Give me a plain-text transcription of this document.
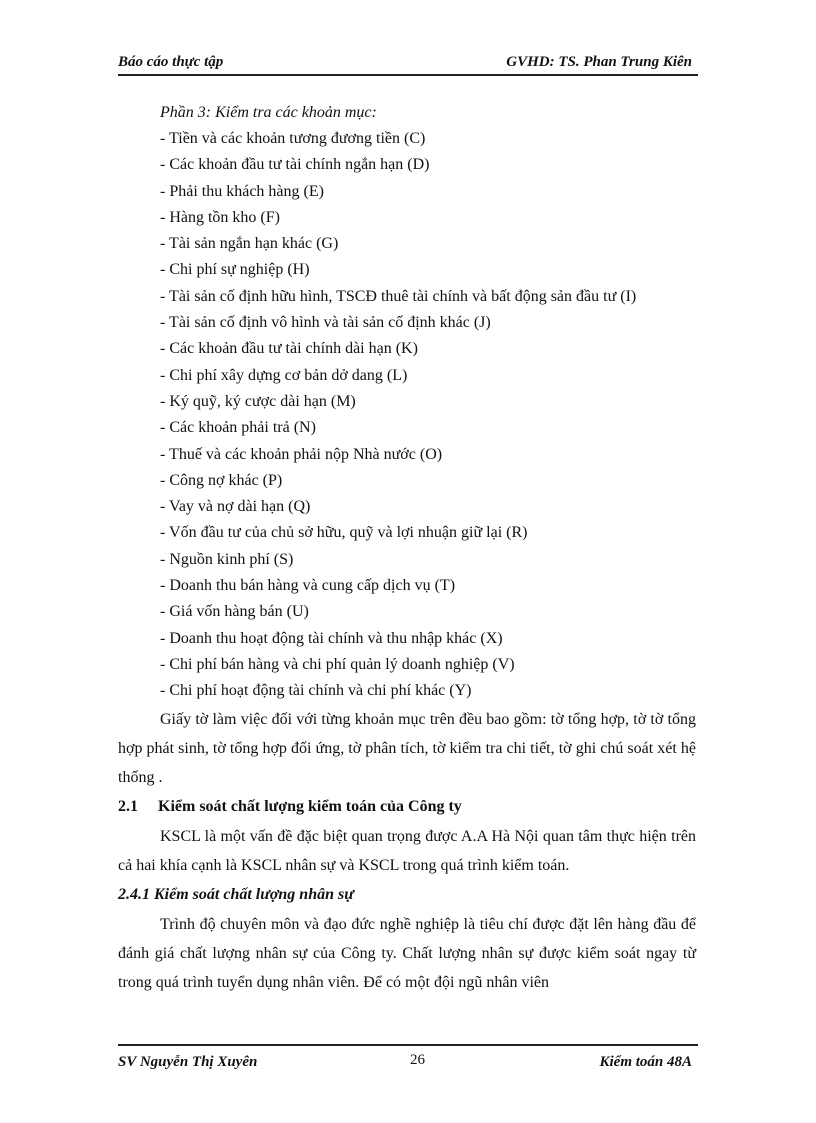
Báo cáo thực tập	GVHD: TS. Phan Trung Kiên
Phần 3: Kiểm tra các khoản mục:
- Tiền và các khoản tương đương tiền (C)
- Các khoản đầu tư tài chính ngắn hạn (D)
- Phải thu khách hàng (E)
- Hàng tồn kho (F)
- Tài sản ngắn hạn khác (G)
- Chi phí sự nghiệp (H)
- Tài sản cố định hữu hình, TSCĐ thuê tài chính và bất động sản đầu tư (I)
- Tài sản cố định vô hình và tài sản cố định khác (J)
- Các khoản đầu tư tài chính dài hạn (K)
- Chi phí xây dựng cơ bản dở dang (L)
- Ký quỹ, ký cược dài hạn (M)
- Các khoản phải trả (N)
- Thuế và các khoản phải nộp Nhà nước (O)
- Công nợ khác (P)
- Vay và nợ dài hạn (Q)
- Vốn đầu tư của chủ sở hữu, quỹ và lợi nhuận giữ lại (R)
- Nguồn kinh phí (S)
- Doanh thu bán hàng và cung cấp dịch vụ (T)
- Giá vốn hàng bán (U)
- Doanh thu hoạt động tài chính và thu nhập khác (X)
- Chi phí bán hàng và chi phí quản lý doanh nghiệp (V)
- Chi phí hoạt động tài chính và chi phí khác (Y)

Giấy tờ làm việc đối với từng khoản mục trên đều bao gồm: tờ tổng hợp, tờ tờ tổng hợp phát sinh, tờ tổng hợp đối ứng, tờ phân tích, tờ kiểm tra chi tiết, tờ ghi chú soát xét hệ thống .

2.1 Kiểm soát chất lượng kiểm toán của Công ty

KSCL là một vấn đề đặc biệt quan trọng được A.A Hà Nội quan tâm thực hiện trên cả hai khía cạnh là KSCL nhân sự và KSCL trong quá trình kiểm toán.

2.4.1 Kiểm soát chất lượng nhân sự

Trình độ chuyên môn và đạo đức nghề nghiệp là tiêu chí được đặt lên hàng đầu để đánh giá chất lượng nhân sự của Công ty. Chất lượng nhân sự được kiểm soát ngay từ trong quá trình tuyển dụng nhân viên. Để có một đội ngũ nhân viên

SV Nguyễn Thị Xuyên	26	Kiểm toán 48A
